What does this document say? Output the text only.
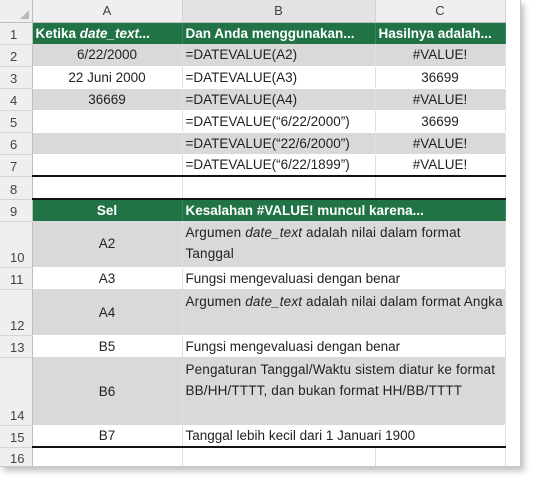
	A	B	C
1	Ketika date_text...	Dan Anda menggunakan...	Hasilnya adalah...
2	6/22/2000	=DATEVALUE(A2)	#VALUE!
3	22 Juni 2000	=DATEVALUE(A3)	36699
4	36669	=DATEVALUE(A4)	#VALUE!
5		=DATEVALUE(“6/22/2000”)	36699
6		=DATEVALUE(“22/6/2000”)	#VALUE!
7		=DATEVALUE(“6/22/1899”)	#VALUE!
8			
9	Sel	Kesalahan #VALUE! muncul karena...	
10	A2	Argumen date_text adalah nilai dalam format Tanggal	
11	A3	Fungsi mengevaluasi dengan benar	
12	A4	Argumen date_text adalah nilai dalam format Angka	
13	B5	Fungsi mengevaluasi dengan benar	
14	B6	Pengaturan Tanggal/Waktu sistem diatur ke format BB/HH/TTTT, dan bukan format HH/BB/TTTT	
15	B7	Tanggal lebih kecil dari 1 Januari 1900	
16			
